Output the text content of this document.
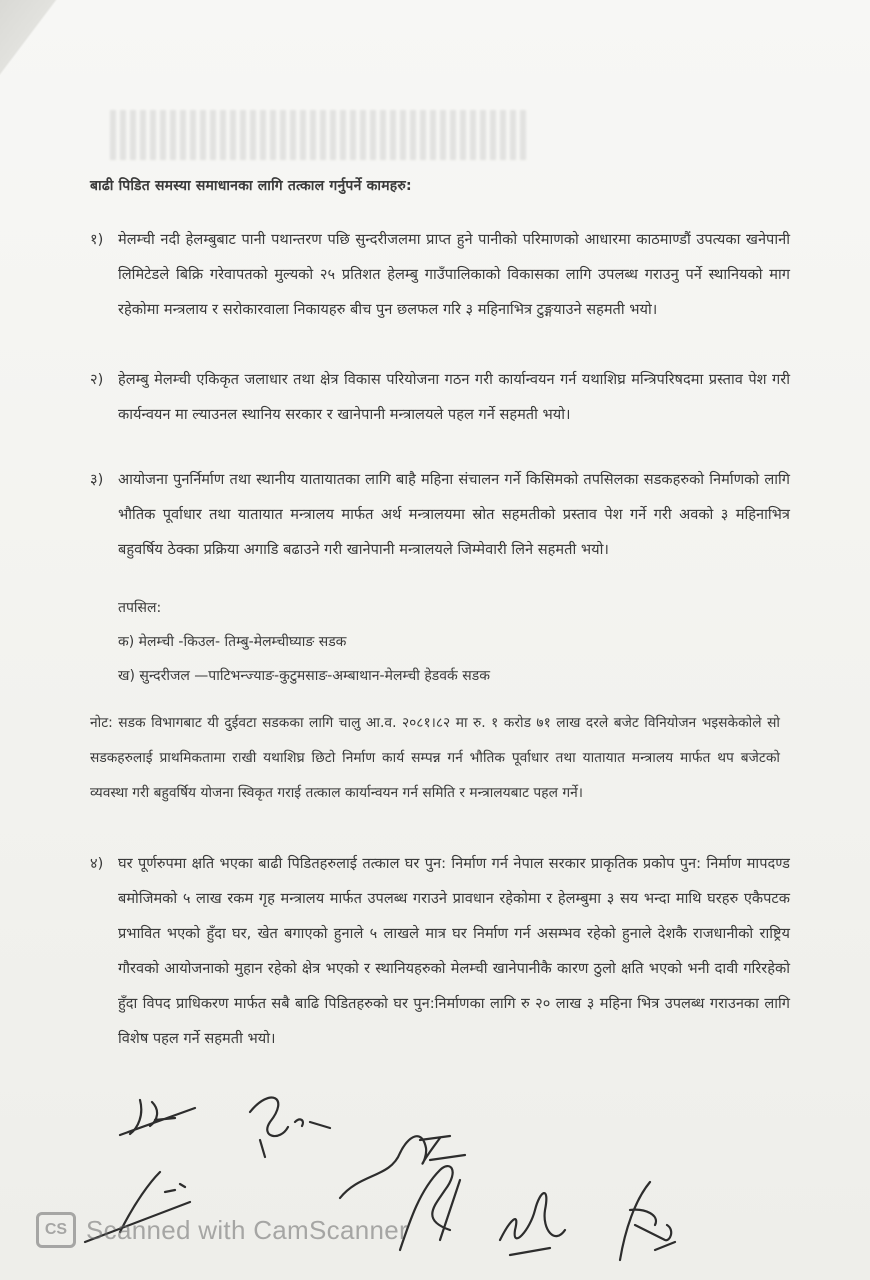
बाढी पिडित समस्या समाधानका लागि तत्काल गर्नुपर्ने कामहरु:
१)	मेलम्ची नदी हेलम्बुबाट पानी पथान्तरण पछि सुन्दरीजलमा प्राप्त हुने पानीको परिमाणको आधारमा काठमाण्डौं उपत्यका खनेपानी लिमिटेडले बिक्रि गरेवापतको मुल्यको २५ प्रतिशत हेलम्बु गाउँपालिकाको विकासका लागि उपलब्ध गराउनु पर्ने स्थानियको माग रहेकोमा मन्त्रलाय र सरोकारवाला निकायहरु बीच पुन छलफल गरि ३ महिनाभित्र टुङ्गयाउने सहमती भयो।
२)	हेलम्बु मेलम्ची एकिकृत जलाधार तथा क्षेत्र विकास परियोजना गठन गरी कार्यान्वयन गर्न यथाशिघ्र मन्त्रिपरिषदमा प्रस्ताव पेश गरी कार्यन्वयन मा ल्याउनल स्थानिय सरकार र खानेपानी मन्त्रालयले पहल गर्ने सहमती भयो।
३)	आयोजना पुनर्निर्माण तथा स्थानीय यातायातका लागि बाहै महिना संचालन गर्ने किसिमको तपसिलका सडकहरुको निर्माणको लागि भौतिक पूर्वाधार तथा यातायात मन्त्रालय मार्फत अर्थ मन्त्रालयमा स्रोत सहमतीको प्रस्ताव पेश गर्ने गरी अवको ३ महिनाभित्र बहुवर्षिय ठेक्का प्रक्रिया अगाडि बढाउने गरी खानेपानी मन्त्रालयले जिम्मेवारी लिने सहमती भयो।
तपसिल:
क) मेलम्ची -किउल- तिम्बु-मेलम्चीघ्याङ सडक
ख) सुन्दरीजल —पाटिभन्ज्याङ-कुटुमसाङ-अम्बाथान-मेलम्ची हेडवर्क सडक
नोट: सडक विभागबाट यी दुईवटा सडकका लागि चालु आ.व. २०८१।८२ मा रु. १ करोड ७१ लाख दरले बजेट विनियोजन भइसकेकोले सो सडकहरुलाई प्राथमिकतामा राखी यथाशिघ्र छिटो निर्माण कार्य सम्पन्न गर्न भौतिक पूर्वाधार तथा यातायात मन्त्रालय मार्फत थप बजेटको व्यवस्था गरी बहुवर्षिय योजना स्विकृत गराई तत्काल कार्यान्वयन गर्न समिति र मन्त्रालयबाट पहल गर्ने।
४)	घर पूर्णरुपमा क्षति भएका बाढी पिडितहरुलाई तत्काल घर पुन: निर्माण गर्न नेपाल सरकार प्राकृतिक प्रकोप पुन: निर्माण मापदण्ड बमोजिमको ५ लाख रकम गृह मन्त्रालय मार्फत उपलब्ध गराउने प्रावधान रहेकोमा र हेलम्बुमा ३ सय भन्दा माथि घरहरु एकैपटक प्रभावित भएको हुँदा घर, खेत बगाएको हुनाले ५ लाखले मात्र घर निर्माण गर्न असम्भव रहेको हुनाले देशकै राजधानीको राष्ट्रिय गौरवको आयोजनाको मुहान रहेको क्षेत्र भएको र स्थानियहरुको मेलम्ची खानेपानीकै कारण ठुलो क्षति भएको भनी दावी गरिरहेको हुँदा विपद प्राधिकरण मार्फत सबै बाढि पिडितहरुको घर पुन:निर्माणका लागि रु २० लाख ३ महिना भित्र उपलब्ध गराउनका लागि विशेष पहल गर्ने सहमती भयो।
CS Scanned with CamScanner
